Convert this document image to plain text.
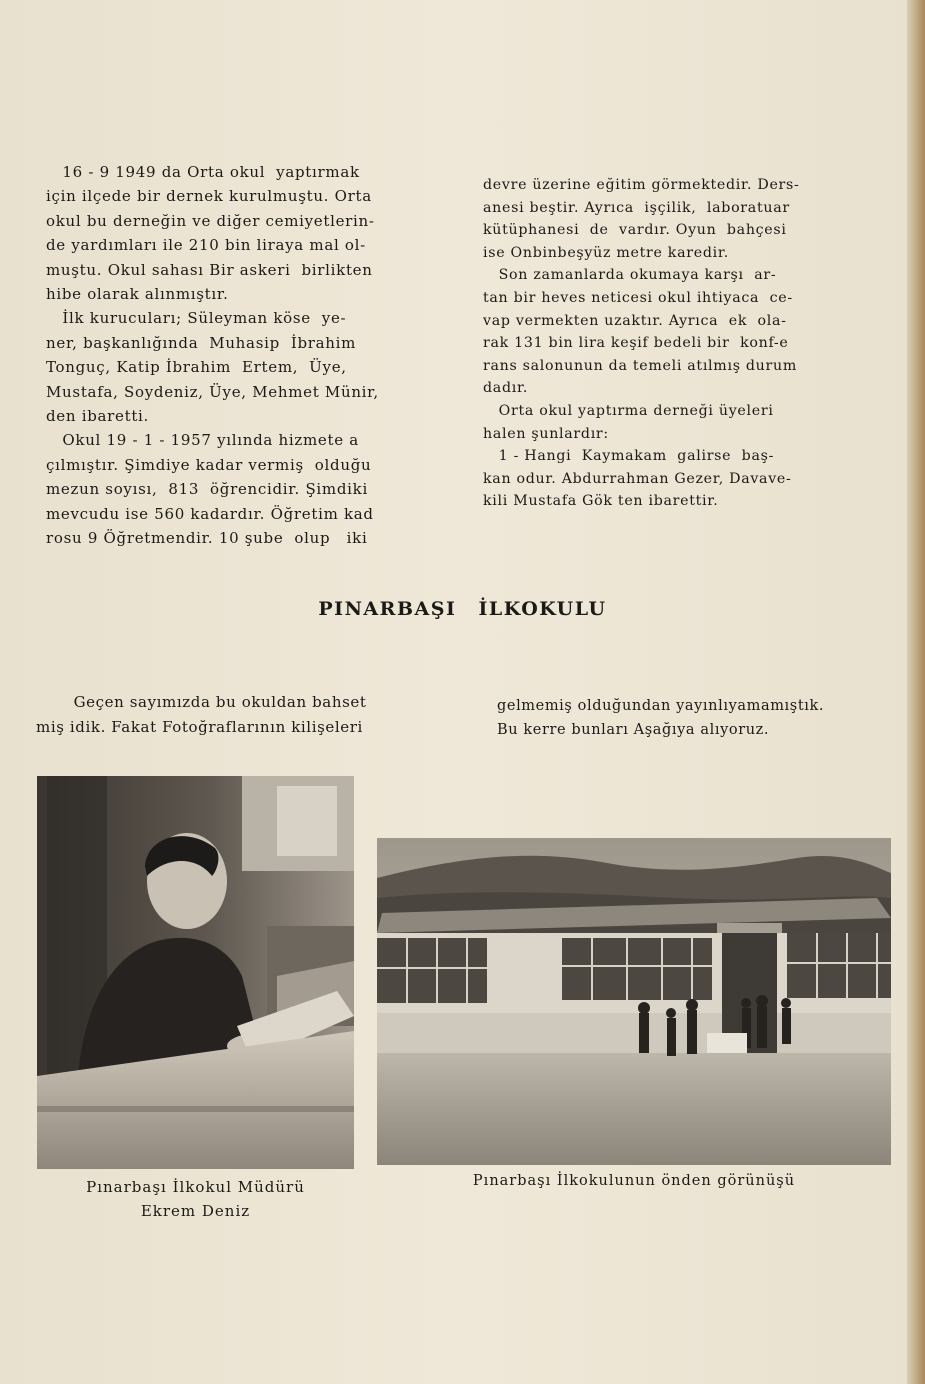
16 - 9 1949 da Orta okul  yaptırmak

için ilçede bir dernek kurulmuştu. Orta

okul bu derneğin ve diğer cemiyetlerin-

de yardımları ile 210 bin liraya mal ol-

muştu. Okul sahası Bir askeri  birlikten

hibe olarak alınmıştır.

İlk kurucuları; Süleyman köse  ye-

ner, başkanlığında  Muhasip  İbrahim

Tonguç, Katip İbrahim  Ertem,  Üye,

Mustafa, Soydeniz, Üye, Mehmet Münir,

den ibaretti.

Okul 19 - 1 - 1957 yılında hizmete a

çılmıştır. Şimdiye kadar vermiş  olduğu

mezun soyısı,  813  öğrencidir. Şimdiki

mevcudu ise 560 kadardır. Öğretim kad

rosu 9 Öğretmendir. 10 şube  olup   iki

devre üzerine eğitim görmektedir. Ders-

anesi beştir. Ayrıca  işçilik,  laboratuar

kütüphanesi  de  vardır. Oyun  bahçesi

ise Onbinbeşyüz metre karedir.

Son zamanlarda okumaya karşı  ar-

tan bir heves neticesi okul ihtiyaca  ce-

vap vermekten uzaktır. Ayrıca  ek  ola-

rak 131 bin lira keşif bedeli bir  konf-e

rans salonunun da temeli atılmış durum

dadır.

Orta okul yaptırma derneği üyeleri

halen şunlardır:

1 - Hangi  Kaymakam  galirse  baş-

kan odur. Abdurrahman Gezer, Davave-

kili Mustafa Gök ten ibarettir.

PINARBAŞI İLKOKULU

Geçen sayımızda bu okuldan bahset

miş idik. Fakat Fotoğraflarının kilişeleri

gelmemiş olduğundan yayınlıyamamıştık.

Bu kerre bunları Aşağıya alıyoruz.

Pınarbaşı İlkokul Müdürü
Ekrem Deniz
Pınarbaşı İlkokulunun önden görünüşü
